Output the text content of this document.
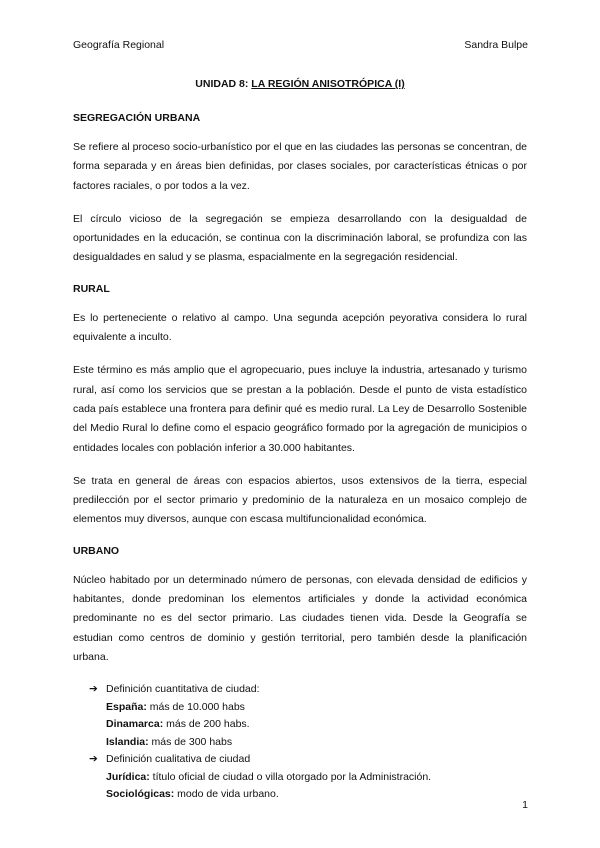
Geografía Regional	Sandra Bulpe
UNIDAD 8: LA REGIÓN ANISOTRÓPICA (I)
SEGREGACIÓN URBANA

Se refiere al proceso socio-urbanístico por el que en las ciudades las personas se concentran, de forma separada y en áreas bien definidas, por clases sociales, por características étnicas o por factores raciales, o por todos a la vez.

El círculo vicioso de la segregación se empieza desarrollando con la desigualdad de oportunidades en la educación, se continua con la discriminación laboral, se profundiza con las desigualdades en salud y se plasma, espacialmente en la segregación residencial.

RURAL

Es lo perteneciente o relativo al campo. Una segunda acepción peyorativa considera lo rural equivalente a inculto.

Este término es más amplio que el agropecuario, pues incluye la industria, artesanado y turismo rural, así como los servicios que se prestan a la población. Desde el punto de vista estadístico cada país establece una frontera para definir qué es medio rural. La Ley de Desarrollo Sostenible del Medio Rural lo define como el espacio geográfico formado por la agregación de municipios o entidades locales con población inferior a 30.000 habitantes.

Se trata en general de áreas con espacios abiertos, usos extensivos de la tierra, especial predilección por el sector primario y predominio de la naturaleza en un mosaico complejo de elementos muy diversos, aunque con escasa multifuncionalidad económica.

URBANO

Núcleo habitado por un determinado número de personas, con elevada densidad de edificios y habitantes, donde predominan los elementos artificiales y donde la actividad económica predominante no es del sector primario. Las ciudades tienen vida. Desde la Geografía se estudian como centros de dominio y gestión territorial, pero también desde la planificación urbana.

➔ Definición cuantitativa de ciudad:
España: más de 10.000 habs
Dinamarca: más de 200 habs.
Islandia: más de 300 habs
➔ Definición cualitativa de ciudad
Jurídica: título oficial de ciudad o villa otorgado por la Administración.
Sociológicas: modo de vida urbano.
1
